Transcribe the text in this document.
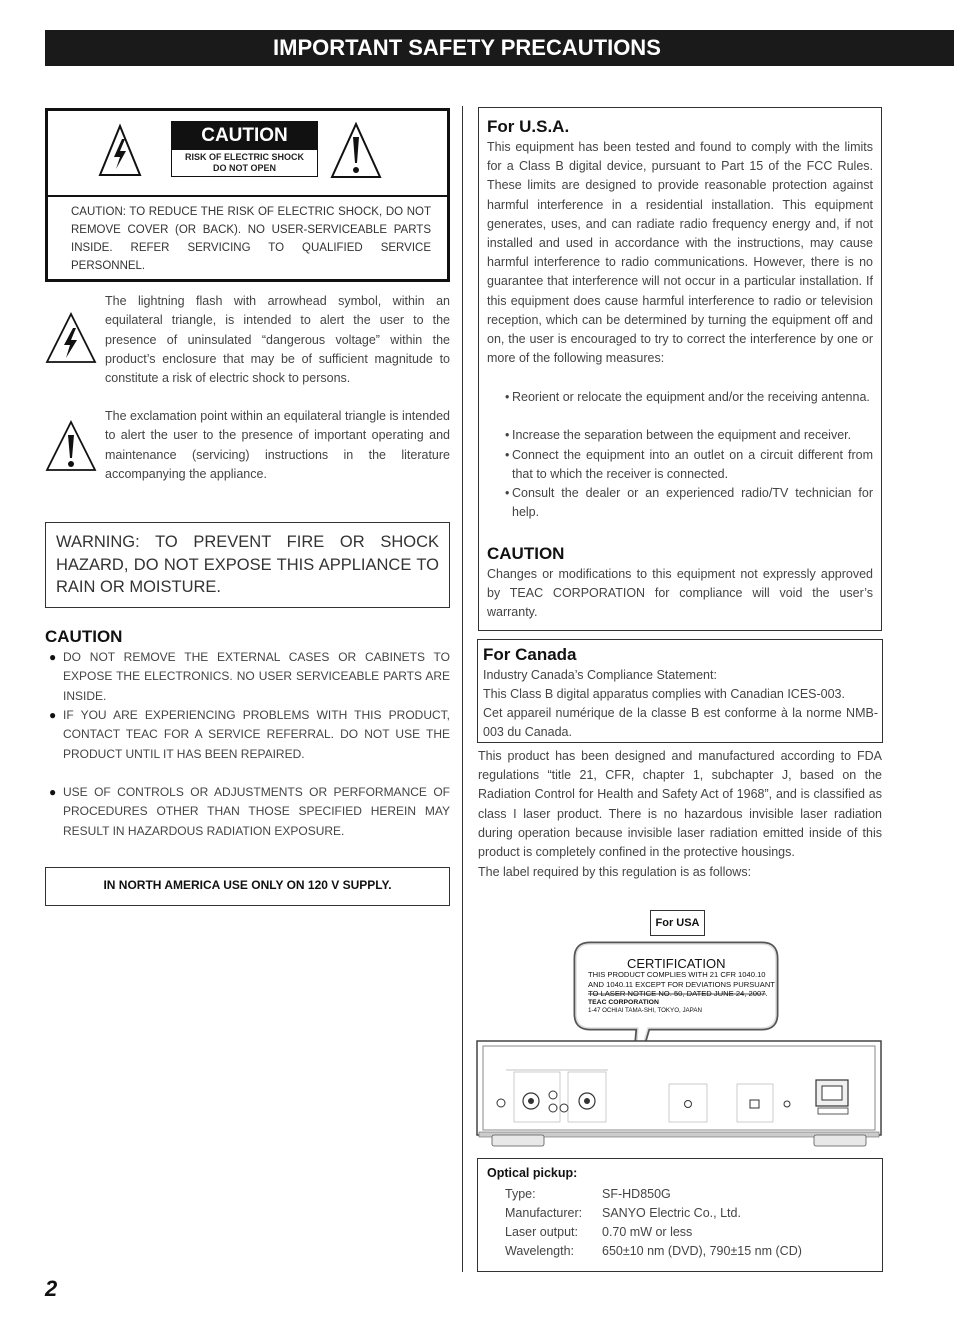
IMPORTANT SAFETY PRECAUTIONS
CAUTION
RISK OF ELECTRIC SHOCK
DO NOT OPEN
CAUTION: TO REDUCE THE RISK OF ELECTRIC SHOCK, DO NOT REMOVE COVER (OR BACK). NO USER-SERVICEABLE PARTS INSIDE. REFER SERVICING TO QUALIFIED SERVICE PERSONNEL.
The lightning flash with arrowhead symbol, within an equilateral triangle, is intended to alert the user to the presence of uninsulated “dangerous voltage” within the product’s enclosure that may be of sufficient magnitude to constitute a risk of electric shock to persons.
The exclamation point within an equilateral triangle is intended to alert the user to the presence of important operating and maintenance (servicing) instructions in the literature accompanying the appliance.
WARNING: TO PREVENT FIRE OR SHOCK HAZARD, DO NOT EXPOSE THIS APPLIANCE TO RAIN OR MOISTURE.
CAUTION
● DO NOT REMOVE THE EXTERNAL CASES OR CABINETS TO EXPOSE THE ELECTRONICS. NO USER SERVICEABLE PARTS ARE INSIDE.
● IF YOU ARE EXPERIENCING PROBLEMS WITH THIS PRODUCT, CONTACT TEAC FOR A SERVICE REFERRAL. DO NOT USE THE PRODUCT UNTIL IT HAS BEEN REPAIRED.
● USE OF CONTROLS OR ADJUSTMENTS OR PERFORMANCE OF PROCEDURES OTHER THAN THOSE SPECIFIED HEREIN MAY RESULT IN HAZARDOUS RADIATION EXPOSURE.
IN NORTH AMERICA USE ONLY ON 120 V SUPPLY.
For U.S.A.
This equipment has been tested and found to comply with the limits for a Class B digital device, pursuant to Part 15 of the FCC Rules. These limits are designed to provide reasonable protection against harmful interference in a residential installation. This equipment generates, uses, and can radiate radio frequency energy and, if not installed and used in accordance with the instructions, may cause harmful interference to radio communications. However, there is no guarantee that interference will not occur in a particular installation. If this equipment does cause harmful interference to radio or television reception, which can be determined by turning the equipment off and on, the user is encouraged to try to correct the interference by one or more of the following measures:
• Reorient or relocate the equipment and/or the receiving antenna.
• Increase the separation between the equipment and receiver.
• Connect the equipment into an outlet on a circuit different from that to which the receiver is connected.
• Consult the dealer or an experienced radio/TV technician for help.
CAUTION
Changes or modifications to this equipment not expressly approved by TEAC CORPORATION for compliance will void the user’s warranty.
For Canada
Industry Canada’s Compliance Statement:
This Class B digital apparatus complies with Canadian ICES-003.
Cet appareil numérique de la classe B est conforme à la norme NMB-003 du Canada.
This product has been designed and manufactured according to FDA regulations “title 21, CFR, chapter 1, subchapter J, based on the Radiation Control for Health and Safety Act of 1968”, and is classified as class I laser product. There is no hazardous invisible laser radiation during operation because invisible laser radiation emitted inside of this product is completely confined in the protective housings.
The label required by this regulation is as follows:
For USA
CERTIFICATION
THIS PRODUCT COMPLIES WITH 21 CFR 1040.10
AND 1040.11 EXCEPT FOR DEVIATIONS PURSUANT
TO LASER NOTICE NO. 50, DATED JUNE 24, 2007.
TEAC CORPORATION
1-47 OCHIAI TAMA-SHI, TOKYO, JAPAN
Optical pickup:
Type:	SF-HD850G
Manufacturer: SANYO Electric Co., Ltd.
Laser output: 0.70 mW or less
Wavelength: 650±10 nm (DVD), 790±15 nm (CD)
2
